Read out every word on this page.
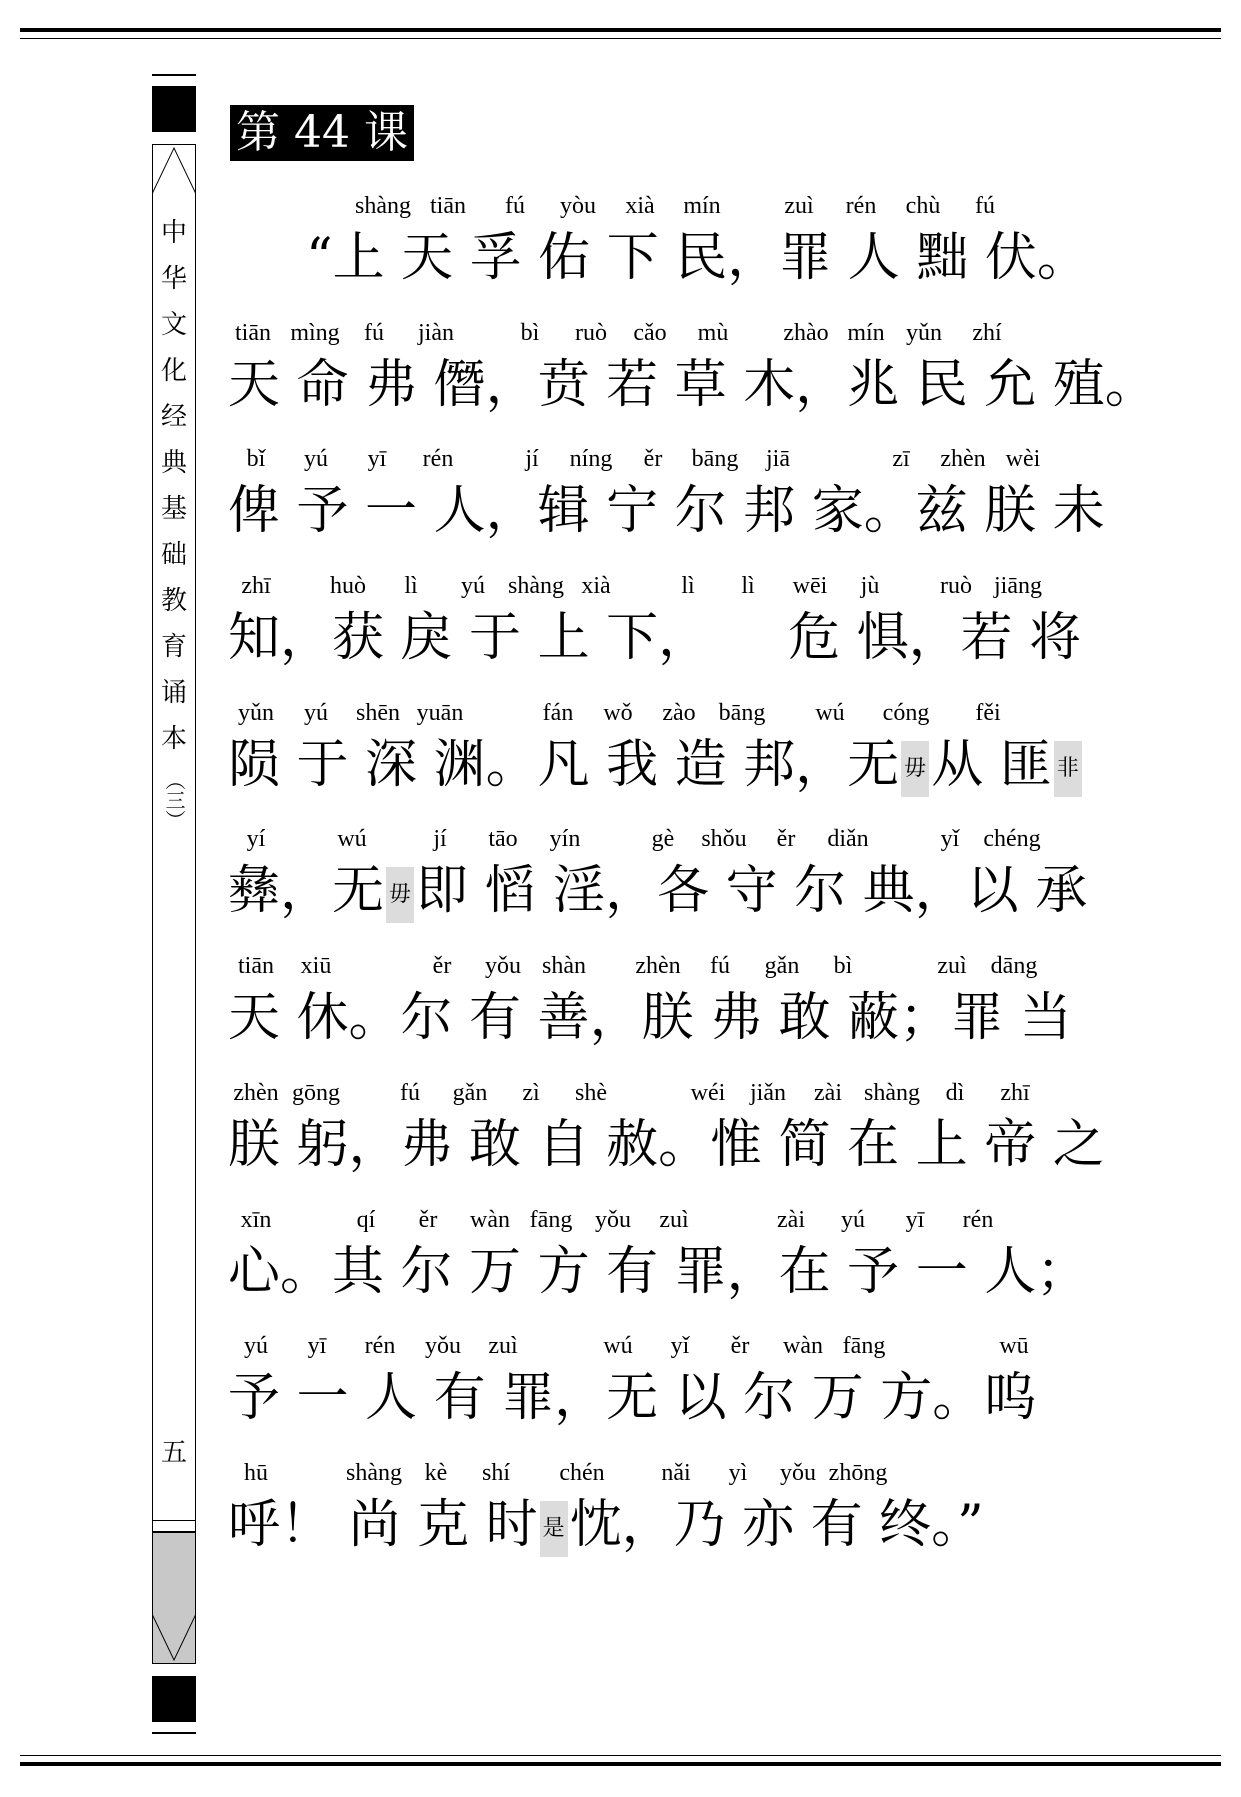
中
华
文
化
经
典
基
础
教
育
诵
本
（三）
五
第 44 课
shàng tiān fú yòu xià mín	zuì rén chù fú
“上 天 孚 佑 下 民，罪 人 黜 伏。
tiān mìng fú jiàn	bì ruò cǎo mù zhào mín yǔn zhí
天 命 弗 僭，贲 若 草 木，兆 民 允 殖。
bǐ yú yī rén	jí níng ěr bāng jiā	zī zhèn wèi
俾 予 一 人，辑 宁 尔 邦 家。兹 朕 未
zhī huò lì yú shàng xià	lì lì wēi jù	ruò jiāng
知，获 戾 于 上 下，　　危 惧，若 将
yǔn yú shēn yuān	fán wǒ zào bāng wú cóng fěi
陨 于 深 渊。凡 我 造 邦，无 毋从 匪 非
yí	wú	jí tāo yín	gè shǒu ěr diǎn	yǐ chéng
彝，无 毋即 慆 淫，各 守 尔 典，以 承
tiān xiū	ěr yǒu shàn zhèn fú gǎn bì	zuì dāng
天 休。尔 有 善，朕 弗 敢 蔽；罪 当
zhèn gōng	fú gǎn zì shè	wéi jiǎn zài shàng dì zhī
朕 躬，弗 敢 自 赦。惟 简 在 上 帝 之
xīn	qí ěr wàn fāng yǒu zuì	zài yú yī rén
心。其 尔 万 方 有 罪，在 予 一 人；
yú yī rén yǒu zuì	wú yǐ ěr wàn fāng	wū
予 一 人 有 罪，无 以 尔 万 方。呜
hū	shàng kè shí chén nǎi yì yǒu zhōng
呼！ 尚 克 时 是忱，乃 亦 有 终。”
